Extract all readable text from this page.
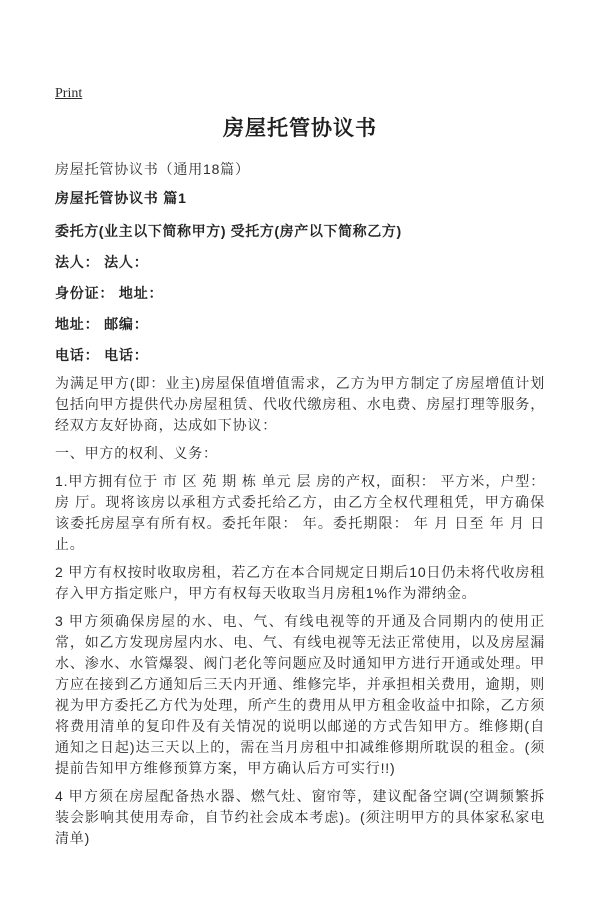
Print
房屋托管协议书
房屋托管协议书（通用18篇）
房屋托管协议书 篇1
委托方(业主以下简称甲方) 受托方(房产以下简称乙方)
法人： 法人：
身份证： 地址：
地址： 邮编：
电话： 电话：

为满足甲方(即：业主)房屋保值增值需求，乙方为甲方制定了房屋增值计划包括向甲方提供代办房屋租赁、代收代缴房租、水电费、房屋打理等服务，经双方友好协商，达成如下协议：

一、甲方的权利、义务：

1.甲方拥有位于 市 区 苑 期 栋 单元 层 房的产权，面积： 平方米，户型： 房 厅。现将该房以承租方式委托给乙方，由乙方全权代理租凭，甲方确保该委托房屋享有所有权。委托年限： 年。委托期限： 年 月 日至 年 月 日止。

2 甲方有权按时收取房租，若乙方在本合同规定日期后10日仍未将代收房租存入甲方指定账户，甲方有权每天收取当月房租1%作为滞纳金。

3 甲方须确保房屋的水、电、气、有线电视等的开通及合同期内的使用正常，如乙方发现房屋内水、电、气、有线电视等无法正常使用，以及房屋漏水、渗水、水管爆裂、阀门老化等问题应及时通知甲方进行开通或处理。甲方应在接到乙方通知后三天内开通、维修完毕，并承担相关费用，逾期，则视为甲方委托乙方代为处理，所产生的费用从甲方租金收益中扣除，乙方须将费用清单的复印件及有关情况的说明以邮递的方式告知甲方。维修期(自通知之日起)达三天以上的，需在当月房租中扣减维修期所耽误的租金。(须提前告知甲方维修预算方案，甲方确认后方可实行!!)

4 甲方须在房屋配备热水器、燃气灶、窗帘等，建议配备空调(空调频繁拆装会影响其使用寿命，自节约社会成本考虑)。(须注明甲方的具体家私家电清单)
